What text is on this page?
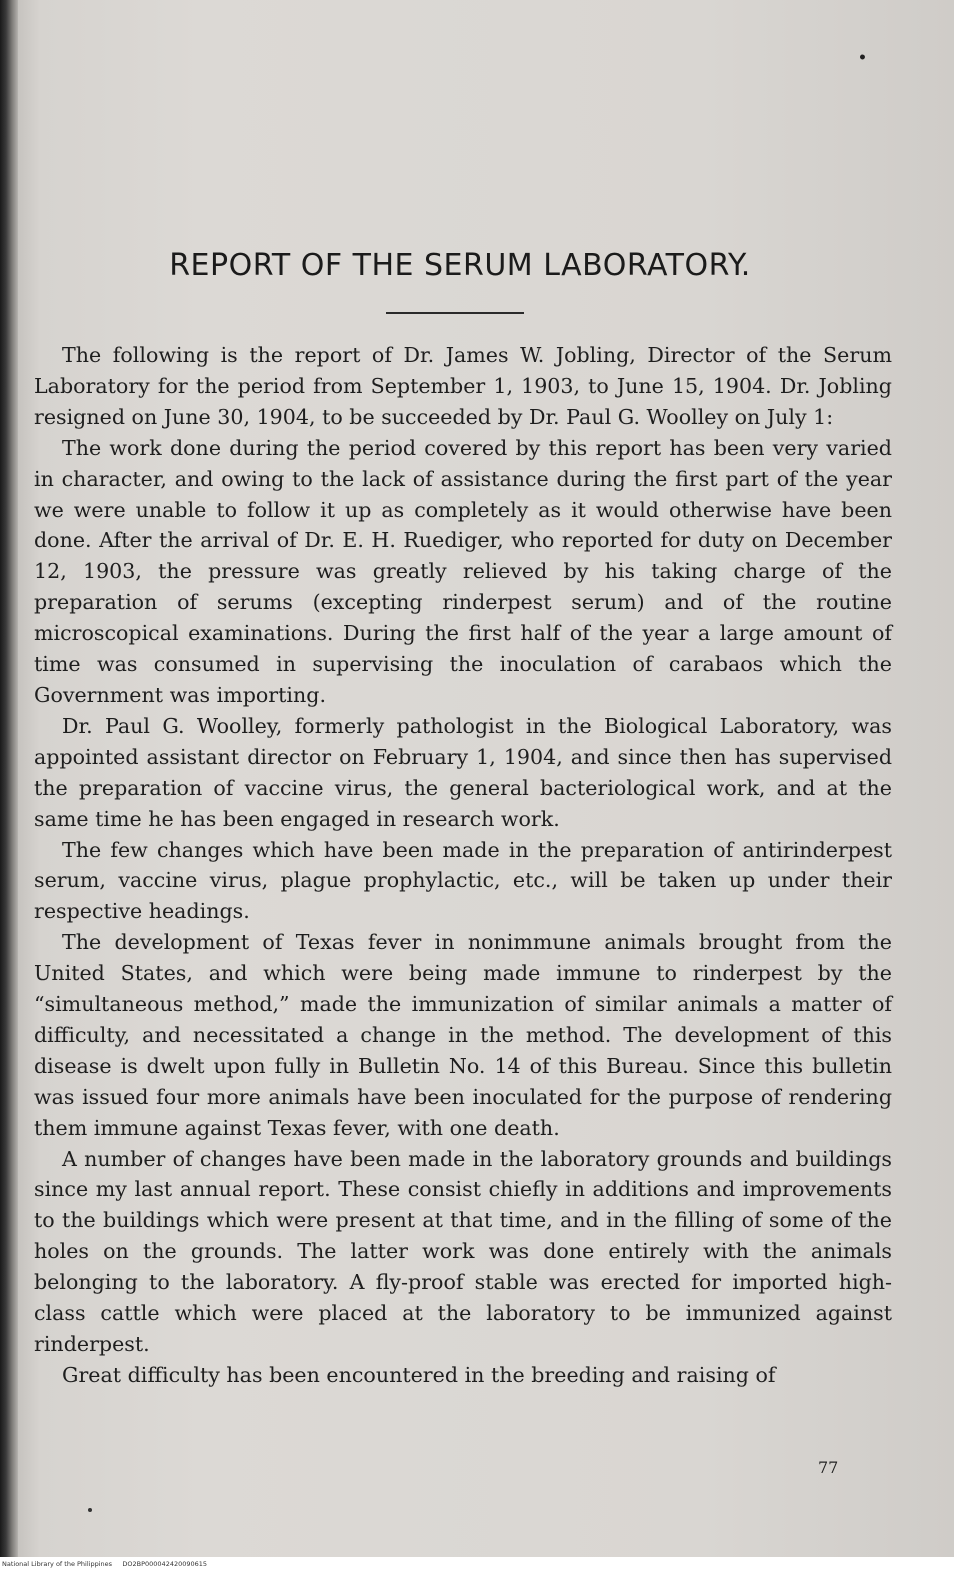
•
REPORT OF THE SERUM LABORATORY.

The following is the report of Dr. James W. Jobling, Director of the Serum Laboratory for the period from September 1, 1903, to June 15, 1904. Dr. Jobling resigned on June 30, 1904, to be succeeded by Dr. Paul G. Woolley on July 1:

The work done during the period covered by this report has been very varied in character, and owing to the lack of assistance during the first part of the year we were unable to follow it up as completely as it would otherwise have been done. After the arrival of Dr. E. H. Ruediger, who reported for duty on December 12, 1903, the pressure was greatly relieved by his taking charge of the preparation of serums (excepting rinderpest serum) and of the routine microscopical examinations. During the first half of the year a large amount of time was consumed in supervising the inoculation of carabaos which the Government was importing.

Dr. Paul G. Woolley, formerly pathologist in the Biological Laboratory, was appointed assistant director on February 1, 1904, and since then has supervised the preparation of vaccine virus, the general bacteriological work, and at the same time he has been engaged in research work.

The few changes which have been made in the preparation of antirinderpest serum, vaccine virus, plague prophylactic, etc., will be taken up under their respective headings.

The development of Texas fever in nonimmune animals brought from the United States, and which were being made immune to rinderpest by the “simultaneous method,” made the immunization of similar animals a matter of difficulty, and necessitated a change in the method. The development of this disease is dwelt upon fully in Bulletin No. 14 of this Bureau. Since this bulletin was issued four more animals have been inoculated for the purpose of rendering them immune against Texas fever, with one death.

A number of changes have been made in the laboratory grounds and buildings since my last annual report. These consist chiefly in additions and improvements to the buildings which were present at that time, and in the filling of some of the holes on the grounds. The latter work was done entirely with the animals belonging to the laboratory. A fly-proof stable was erected for imported high-class cattle which were placed at the laboratory to be immunized against rinderpest.

Great difficulty has been encountered in the breeding and raising of

77
National Library of the Philippines DO2BP000042420090615
